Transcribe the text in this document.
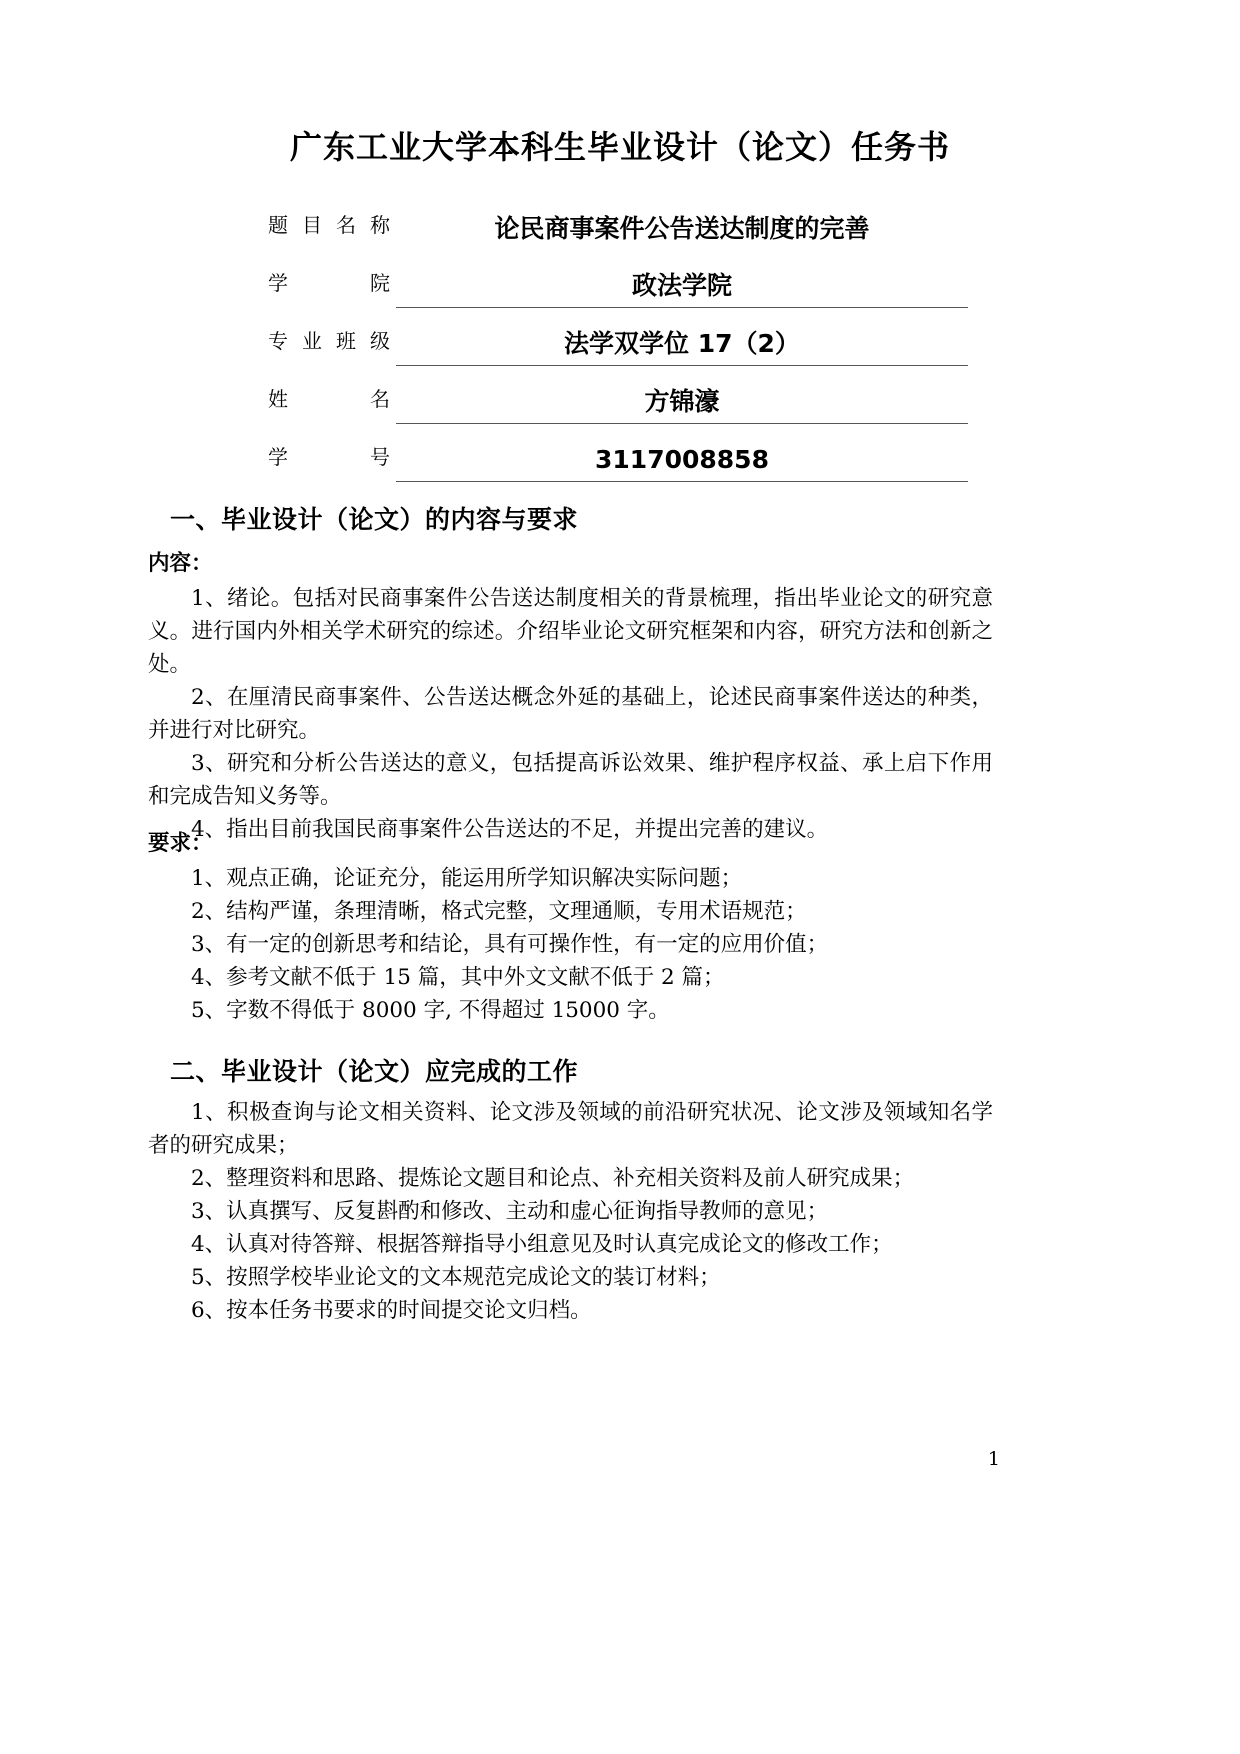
广东工业大学本科生毕业设计（论文）任务书
题目名称	论民商事案件公告送达制度的完善
学　　院	政法学院
专业班级	法学双学位 17（2）
姓　　名	方锦濠
学　　号	3117008858
一、毕业设计（论文）的内容与要求

内容：

1、绪论。包括对民商事案件公告送达制度相关的背景梳理，指出毕业论文的研究意义。进行国内外相关学术研究的综述。介绍毕业论文研究框架和内容，研究方法和创新之处。

2、在厘清民商事案件、公告送达概念外延的基础上，论述民商事案件送达的种类，并进行对比研究。

3、研究和分析公告送达的意义，包括提高诉讼效果、维护程序权益、承上启下作用和完成告知义务等。

4、指出目前我国民商事案件公告送达的不足，并提出完善的建议。

要求：

1、观点正确，论证充分，能运用所学知识解决实际问题；

2、结构严谨，条理清晰，格式完整，文理通顺，专用术语规范；

3、有一定的创新思考和结论，具有可操作性，有一定的应用价值；

4、参考文献不低于 15 篇，其中外文文献不低于 2 篇；

5、字数不得低于 8000 字, 不得超过 15000 字。

二、毕业设计（论文）应完成的工作

1、积极查询与论文相关资料、论文涉及领域的前沿研究状况、论文涉及领域知名学者的研究成果；

2、整理资料和思路、提炼论文题目和论点、补充相关资料及前人研究成果；

3、认真撰写、反复斟酌和修改、主动和虚心征询指导教师的意见；

4、认真对待答辩、根据答辩指导小组意见及时认真完成论文的修改工作；

5、按照学校毕业论文的文本规范完成论文的装订材料；

6、按本任务书要求的时间提交论文归档。

1
